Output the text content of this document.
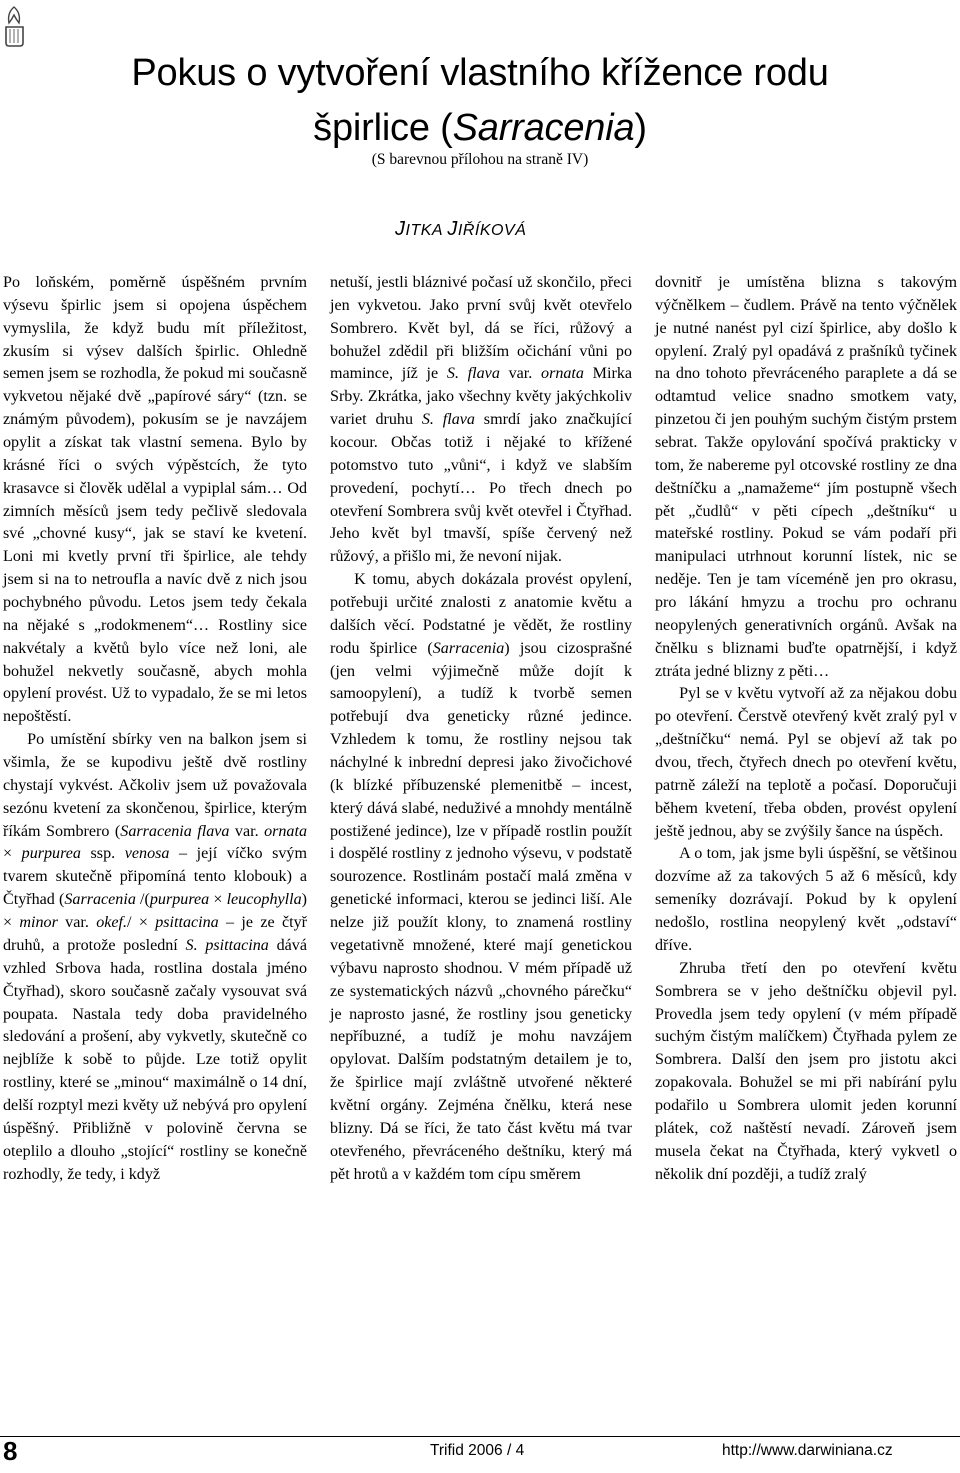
Pokus o vytvoření vlastního křížence rodu
špirlice (Sarracenia)
(S barevnou přílohou na straně IV)
JITKA JIŘÍKOVÁ

Po loňském, poměrně úspěšném prvním výsevu špirlic jsem si opojena úspěchem vymyslila, že když budu mít příležitost, zkusím si výsev dalších špirlic. Ohledně semen jsem se rozhodla, že pokud mi současně vykvetou nějaké dvě „papírové sáry“ (tzn. se známým původem), pokusím se je navzájem opylit a získat tak vlastní semena. Bylo by krásné říci o svých výpěstcích, že tyto krasavce si člověk udělal a vypiplal sám… Od zimních měsíců jsem tedy pečlivě sledovala své „chovné kusy“, jak se staví ke kvetení. Loni mi kvetly první tři špirlice, ale tehdy jsem si na to netroufla a navíc dvě z nich jsou pochybného původu. Letos jsem tedy čekala na nějaké s „rodokmenem“… Rostliny sice nakvétaly a květů bylo více než loni, ale bohužel nekvetly současně, abych mohla opylení provést. Už to vypadalo, že se mi letos nepoštěstí.

Po umístění sbírky ven na balkon jsem si všimla, že se kupodivu ještě dvě rostliny chystají vykvést. Ačkoliv jsem už považovala sezónu kvetení za skončenou, špirlice, kterým říkám Sombrero (Sarracenia flava var. ornata × purpurea ssp. venosa – její víčko svým tvarem skutečně připomíná tento klobouk) a Čtyřhad (Sarracenia /(purpurea × leucophylla) × minor var. okef./ × psittacina – je ze čtyř druhů, a protože poslední S. psittacina dává vzhled Srbova hada, rostlina dostala jméno Čtyřhad), skoro současně začaly vysouvat svá poupata. Nastala tedy doba pravidelného sledování a prošení, aby vykvetly, skutečně co nejblíže k sobě to půjde. Lze totiž opylit rostliny, které se „minou“ maximálně o 14 dní, delší rozptyl mezi květy už nebývá pro opylení úspěšný. Přibližně v polovině června se oteplilo a dlouho „stojící“ rostliny se konečně rozhodly, že tedy, i když

netuší, jestli bláznivé počasí už skončilo, přeci jen vykvetou. Jako první svůj květ otevřelo Sombrero. Květ byl, dá se říci, růžový a bohužel zdědil při bližším očichání vůni po mamince, jíž je S. flava var. ornata Mirka Srby. Zkrátka, jako všechny květy jakýchkoliv variet druhu S. flava smrdí jako značkující kocour. Občas totiž i nějaké to křížené potomstvo tuto „vůni“, i když ve slabším provedení, pochytí… Po třech dnech po otevření Sombrera svůj květ otevřel i Čtyřhad. Jeho květ byl tmavší, spíše červený než růžový, a přišlo mi, že nevoní nijak.

K tomu, abych dokázala provést opylení, potřebuji určité znalosti z anatomie květu a dalších věcí. Podstatné je vědět, že rostliny rodu špirlice (Sarracenia) jsou cizosprašné (jen velmi výjimečně může dojít k samoopylení), a tudíž k tvorbě semen potřebují dva geneticky různé jedince. Vzhledem k tomu, že rostliny nejsou tak náchylné k inbrední depresi jako živočichové (k blízké příbuzenské plemenitbě – incest, který dává slabé, neduživé a mnohdy mentálně postižené jedince), lze v případě rostlin použít i dospělé rostliny z jednoho výsevu, v podstatě sourozence. Rostlinám postačí malá změna v genetické informaci, kterou se jedinci liší. Ale nelze již použít klony, to znamená rostliny vegetativně množené, které mají genetickou výbavu naprosto shodnou. V mém případě už ze systematických názvů „chovného párečku“ je naprosto jasné, že rostliny jsou geneticky nepříbuzné, a tudíž je mohu navzájem opylovat. Dalším podstatným detailem je to, že špirlice mají zvláštně utvořené některé květní orgány. Zejména čnělku, která nese blizny. Dá se říci, že tato část květu má tvar otevřeného, převráceného deštníku, který má pět hrotů a v každém tom cípu směrem

dovnitř je umístěna blizna s takovým výčnělkem – čudlem. Právě na tento výčnělek je nutné nanést pyl cizí špirlice, aby došlo k opylení. Zralý pyl opadává z prašníků tyčinek na dno tohoto převráceného paraplete a dá se odtamtud velice snadno smotkem vaty, pinzetou či jen pouhým suchým čistým prstem sebrat. Takže opylování spočívá prakticky v tom, že nabereme pyl otcovské rostliny ze dna deštníčku a „namažeme“ jím postupně všech pět „čudlů“ v pěti cípech „deštníku“ u mateřské rostliny. Pokud se vám podaří při manipulaci utrhnout korunní lístek, nic se neděje. Ten je tam víceméně jen pro okrasu, pro lákání hmyzu a trochu pro ochranu neopylených generativních orgánů. Avšak na čnělku s bliznami buďte opatrnější, i když ztráta jedné blizny z pěti…

Pyl se v květu vytvoří až za nějakou dobu po otevření. Čerstvě otevřený květ zralý pyl v „deštníčku“ nemá. Pyl se objeví až tak po dvou, třech, čtyřech dnech po otevření květu, patrně záleží na teplotě a počasí. Doporučuji během kvetení, třeba obden, provést opylení ještě jednou, aby se zvýšily šance na úspěch.

A o tom, jak jsme byli úspěšní, se většinou dozvíme až za takových 5 až 6 měsíců, kdy semeníky dozrávají. Pokud by k opylení nedošlo, rostlina neopylený květ „odstaví“ dříve.

Zhruba třetí den po otevření květu Sombrera se v jeho deštníčku objevil pyl. Provedla jsem tedy opylení (v mém případě suchým čistým malíčkem) Čtyřhada pylem ze Sombrera. Další den jsem pro jistotu akci zopakovala. Bohužel se mi při nabírání pylu podařilo u Sombrera ulomit jeden korunní plátek, což naštěstí nevadí. Zároveň jsem musela čekat na Čtyřhada, který vykvetl o několik dní později, a tudíž zralý

8	Trifid 2006 / 4	http://www.darwiniana.cz
